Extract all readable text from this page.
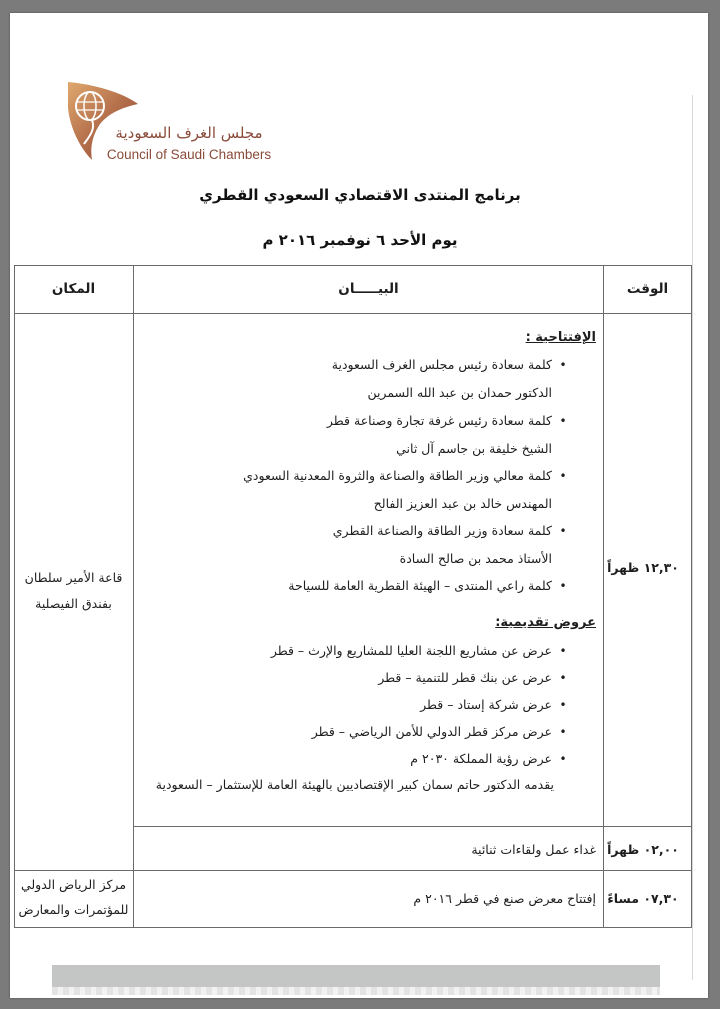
مجلس الغرف السعودية
Council of Saudi Chambers
برنامج المنتدى الاقتصادي السعودي القطري
يوم الأحد ٦ نوفمبر ٢٠١٦ م
الوقت
البيـــــان
المكان
١٢,٣٠ ظهراً
قاعة الأمير سلطان
بفندق الفيصلية
الإفتتاحية :
• كلمة سعادة رئيس مجلس الغرف السعودية
الدكتور حمدان بن عبد الله السمرين
• كلمة سعادة رئيس غرفة تجارة وصناعة قطر
الشيخ خليفة بن جاسم آل ثاني
• كلمة معالي وزير الطاقة والصناعة والثروة المعدنية السعودي
المهندس خالد بن عبد العزيز الفالح
• كلمة سعادة وزير الطاقة والصناعة القطري
الأستاذ محمد بن صالح السادة
• كلمة راعي المنتدى – الهيئة القطرية العامة للسياحة
عروض تقديمية:
• عرض عن مشاريع اللجنة العليا للمشاريع والإرث – قطر
• عرض عن بنك قطر للتنمية – قطر
• عرض شركة إستاد – قطر
• عرض مركز قطر الدولي للأمن الرياضي – قطر
• عرض رؤية المملكة ٢٠٣٠ م
يقدمه الدكتور حاتم سمان كبير الإقتصاديين بالهيئة العامة للإستثمار – السعودية
٠٢,٠٠ ظهراً
غداء عمل ولقاءات ثنائية
٠٧,٣٠ مساءً
إفتتاح معرض صنع في قطر ٢٠١٦ م
مركز الرياض الدولي
للمؤتمرات والمعارض
